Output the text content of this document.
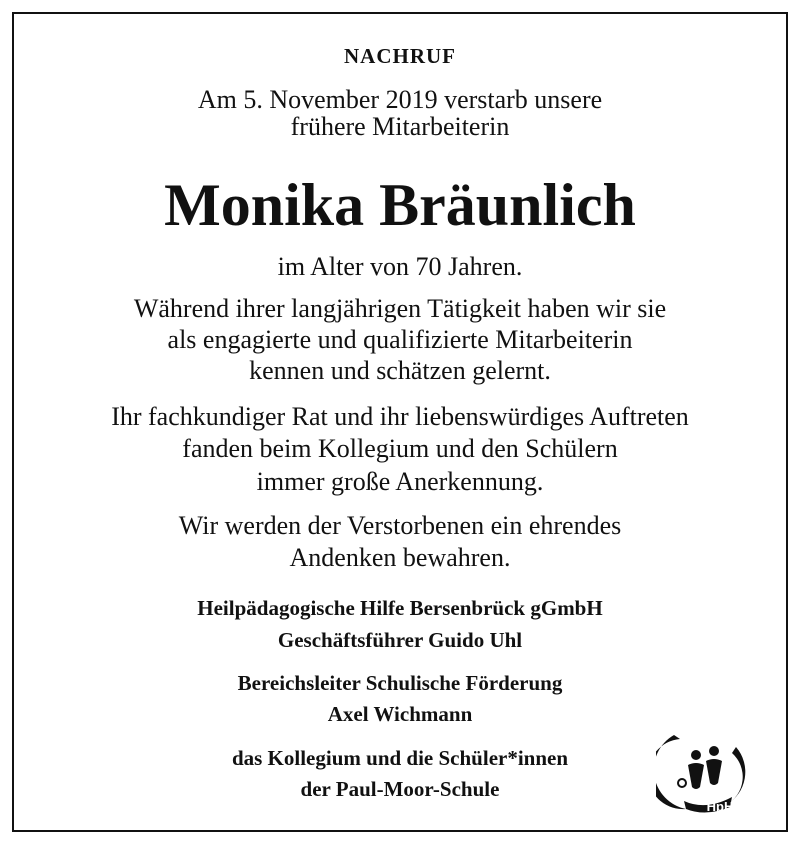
NACHRUF
Am 5. November 2019 verstarb unsere
frühere Mitarbeiterin
Monika Bräunlich
im Alter von 70 Jahren.
Während ihrer langjährigen Tätigkeit haben wir sie
als engagierte und qualifizierte Mitarbeiterin
kennen und schätzen gelernt.
Ihr fachkundiger Rat und ihr liebenswürdiges Auftreten
fanden beim Kollegium und den Schülern
immer große Anerkennung.
Wir werden der Verstorbenen ein ehrendes
Andenken bewahren.
Heilpädagogische Hilfe Bersenbrück gGmbH
Geschäftsführer Guido Uhl
Bereichsleiter Schulische Förderung
Axel Wichmann
das Kollegium und die Schüler*innen
der Paul-Moor-Schule
HpH
